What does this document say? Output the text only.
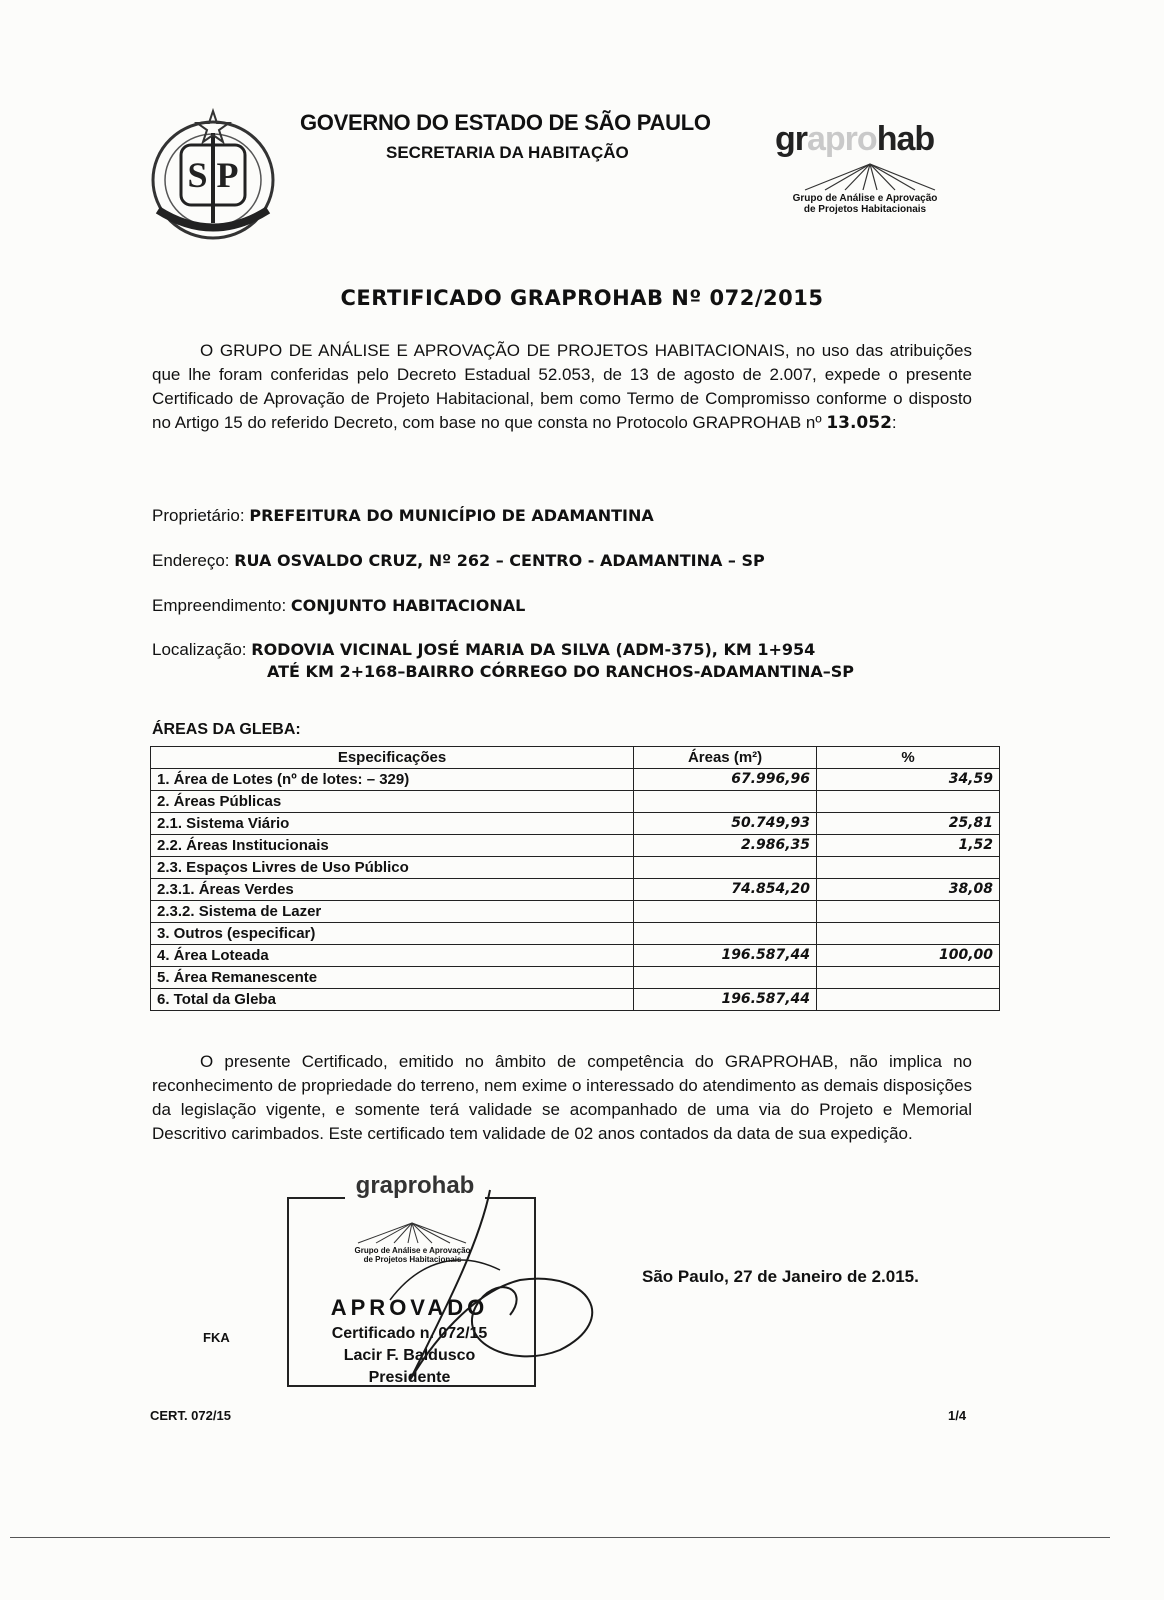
S P
GOVERNO DO ESTADO DE SÃO PAULO
SECRETARIA DA HABITAÇÃO	graprohab
Grupo de Análise e Aprovação
de Projetos Habitacionais
CERTIFICADO GRAPROHAB Nº 072/2015
O GRUPO DE ANÁLISE E APROVAÇÃO DE PROJETOS HABITACIONAIS, no uso das atribuições que lhe foram conferidas pelo Decreto Estadual 52.053, de 13 de agosto de 2.007, expede o presente Certificado de Aprovação de Projeto Habitacional, bem como Termo de Compromisso conforme o disposto no Artigo 15 do referido Decreto, com base no que consta no Protocolo GRAPROHAB nº 13.052:
Proprietário: PREFEITURA DO MUNICÍPIO DE ADAMANTINA
Endereço: RUA OSVALDO CRUZ, Nº 262 – CENTRO - ADAMANTINA – SP
Empreendimento: CONJUNTO HABITACIONAL
Localização: RODOVIA VICINAL JOSÉ MARIA DA SILVA (ADM-375), KM 1+954
ATÉ KM 2+168–BAIRRO CÓRREGO DO RANCHOS-ADAMANTINA–SP
ÁREAS DA GLEBA:
Especificações	Áreas (m²)	%
1. Área de Lotes (nº de lotes: – 329)	67.996,96	34,59
2. Áreas Públicas		
2.1. Sistema Viário	50.749,93	25,81
2.2. Áreas Institucionais	2.986,35	1,52
2.3. Espaços Livres de Uso Público		
2.3.1. Áreas Verdes	74.854,20	38,08
2.3.2. Sistema de Lazer		
3. Outros (especificar)		
4. Área Loteada	196.587,44	100,00
5. Área Remanescente		
6. Total da Gleba	196.587,44	
O presente Certificado, emitido no âmbito de competência do GRAPROHAB, não implica no reconhecimento de propriedade do terreno, nem exime o interessado do atendimento as demais disposições da legislação vigente, e somente terá validade se acompanhado de uma via do Projeto e Memorial Descritivo carimbados. Este certificado tem validade de 02 anos contados da data de sua expedição.
graprohab
Grupo de Análise e Aprovação
de Projetos Habitacionais
APROVADO
Certificado n. 072/15
Lacir F. Baldusco
Presidente
São Paulo, 27 de Janeiro de 2.015.
FKA
CERT. 072/15	1/4
